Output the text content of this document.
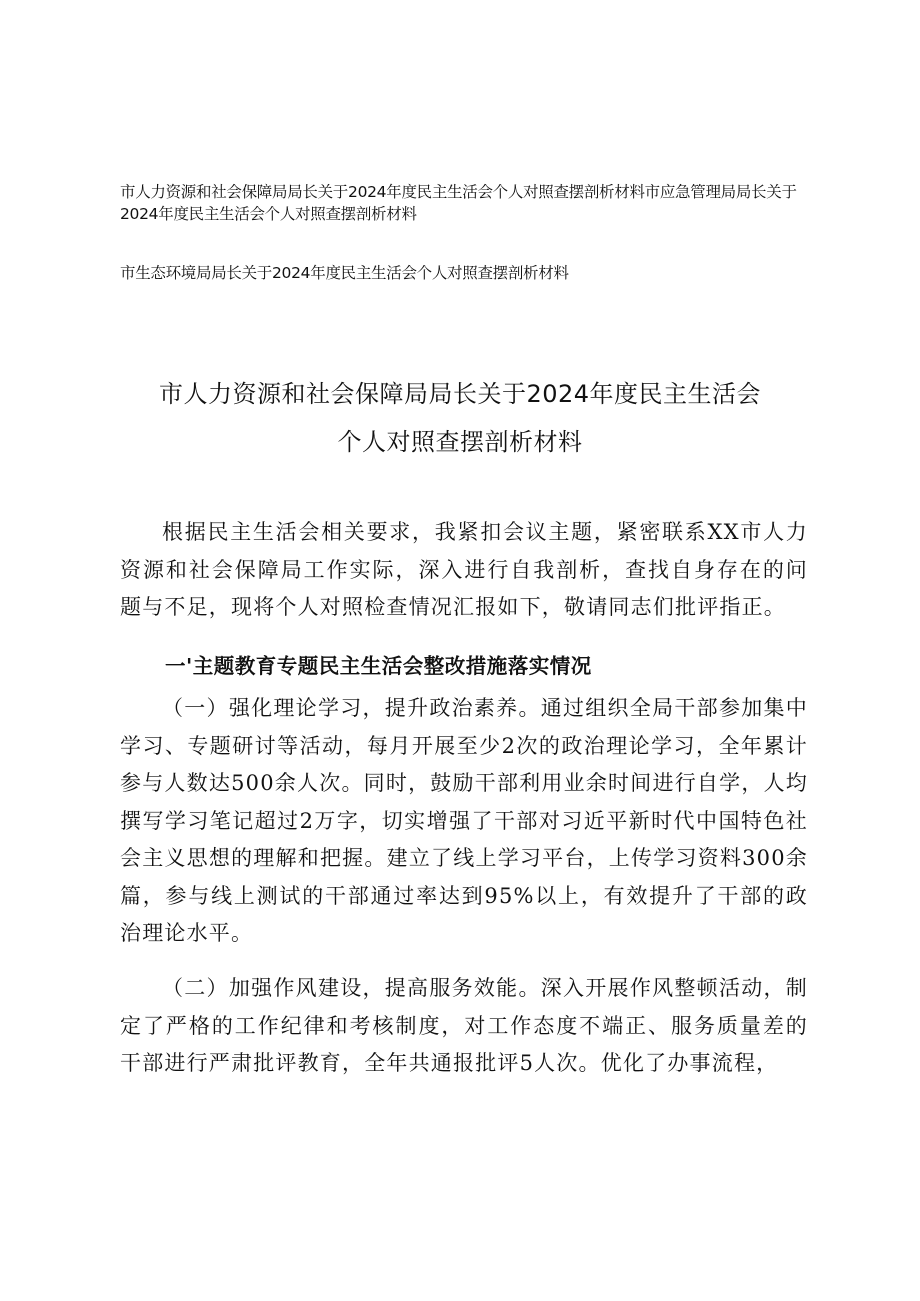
市人力资源和社会保障局局长关于2024年度民主生活会个人对照查摆剖析材料市应急管理局局长关于2024年度民主生活会个人对照查摆剖析材料
市生态环境局局长关于2024年度民主生活会个人对照查摆剖析材料
市人力资源和社会保障局局长关于2024年度民主生活会
个人对照查摆剖析材料
根据民主生活会相关要求，我紧扣会议主题，紧密联系XX市人力资源和社会保障局工作实际，深入进行自我剖析，查找自身存在的问题与不足，现将个人对照检查情况汇报如下，敬请同志们批评指正。
一'主题教育专题民主生活会整改措施落实情况
（一）强化理论学习，提升政治素养。通过组织全局干部参加集中学习、专题研讨等活动，每月开展至少2次的政治理论学习，全年累计参与人数达500余人次。同时，鼓励干部利用业余时间进行自学，人均撰写学习笔记超过2万字，切实增强了干部对习近平新时代中国特色社会主义思想的理解和把握。建立了线上学习平台，上传学习资料300余篇，参与线上测试的干部通过率达到95%以上，有效提升了干部的政治理论水平。
（二）加强作风建设，提高服务效能。深入开展作风整顿活动，制定了严格的工作纪律和考核制度，对工作态度不端正、服务质量差的干部进行严肃批评教育，全年共通报批评5人次。优化了办事流程，
